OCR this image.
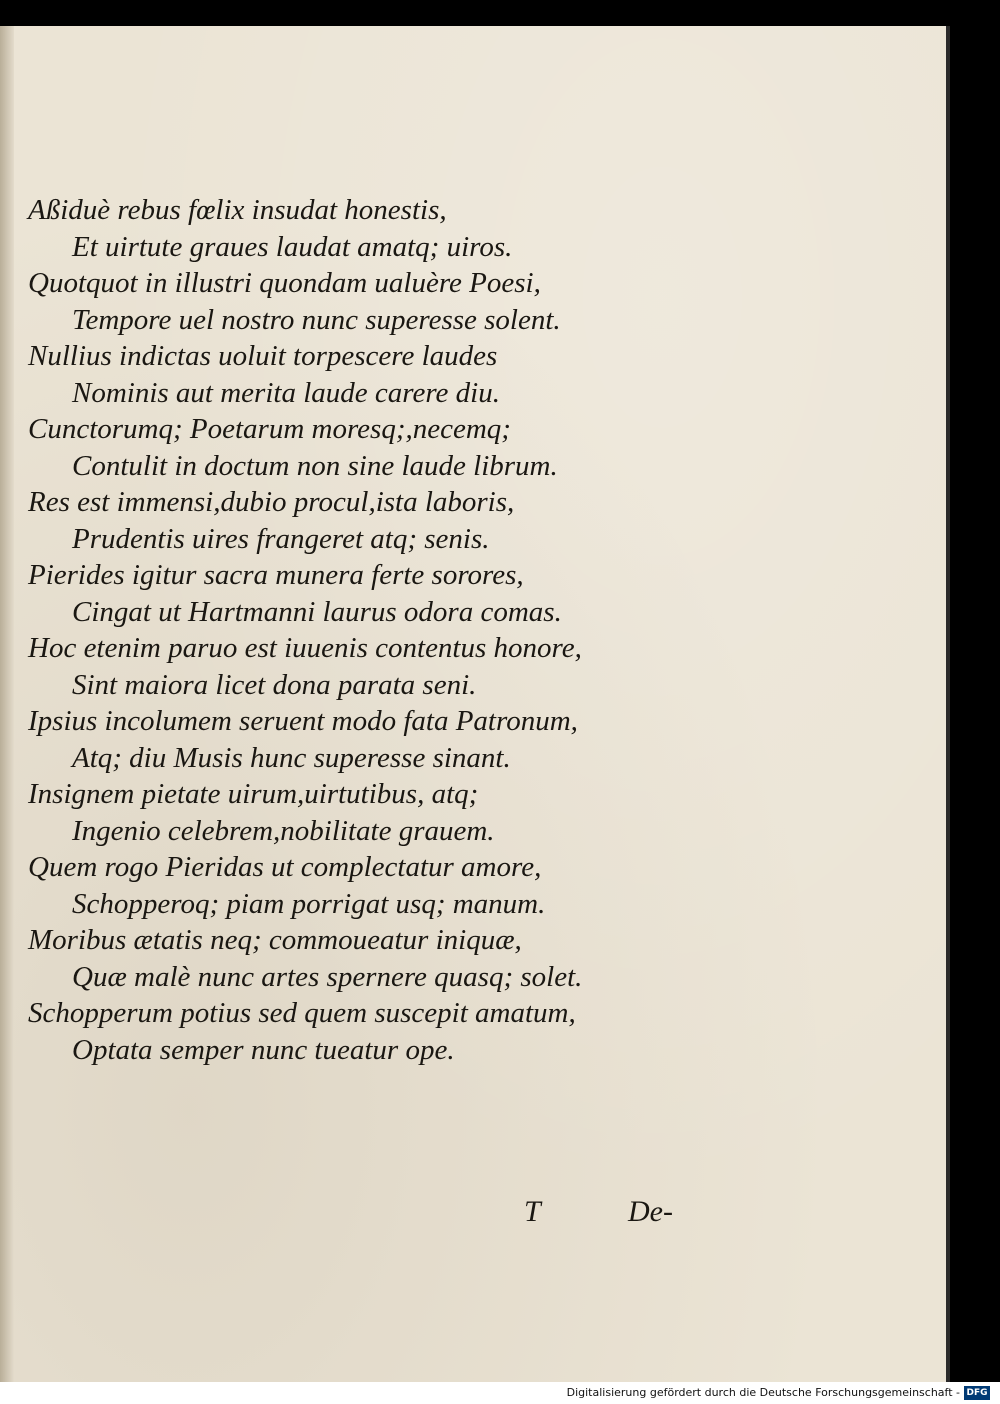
Aßiduè rebus fœlix insudat honestis,
Et uirtute graues laudat amatq; uiros.
Quotquot in illustri quondam ualuère Poesi,
Tempore uel nostro nunc superesse solent.
Nullius indictas uoluit torpescere laudes
Nominis aut merita laude carere diu.
Cunctorumq; Poetarum moresq;,necemq;
Contulit in doctum non sine laude librum.
Res est immensi,dubio procul,ista laboris,
Prudentis uires frangeret atq; senis.
Pierides igitur sacra munera ferte sorores,
Cingat ut Hartmanni laurus odora comas.
Hoc etenim paruo est iuuenis contentus honore,
Sint maiora licet dona parata seni.
Ipsius incolumem seruent modo fata Patronum,
Atq; diu Musis hunc superesse sinant.
Insignem pietate uirum,uirtutibus, atq;
Ingenio celebrem,nobilitate grauem.
Quem rogo Pieridas ut complectatur amore,
Schopperoq; piam porrigat usq; manum.
Moribus ætatis neq; commoueatur iniquæ,
Quæ malè nunc artes spernere quasq; solet.
Schopperum potius sed quem suscepit amatum,
Optata semper nunc tueatur ope.
T	De-
Digitalisierung gefördert durch die Deutsche Forschungsgemeinschaft - DFG
